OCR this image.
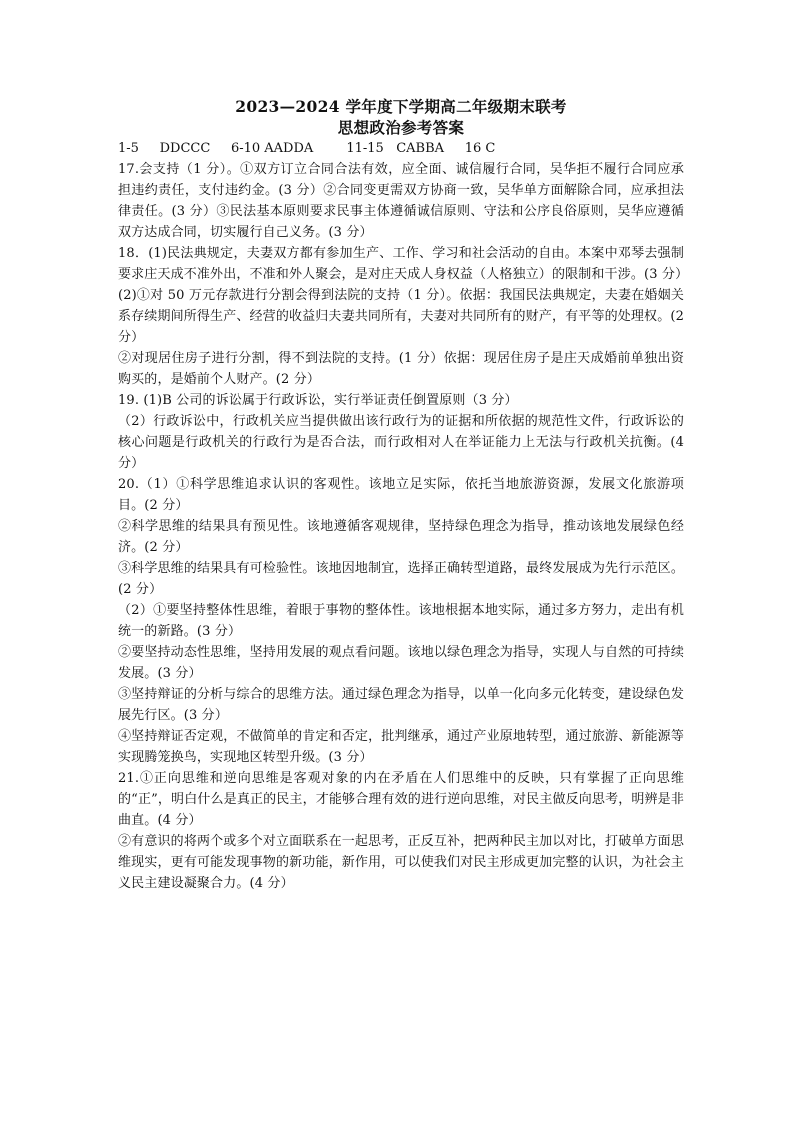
2023—2024 学年度下学期高二年级期末联考

思想政治参考答案

1-5     DDCCC     6-10 AADDA        11-15   CABBA     16 C

17.会支持（1 分）。①双方订立合同合法有效，应全面、诚信履行合同，吴华拒不履行合同应承担违约责任，支付违约金。(3 分）②合同变更需双方协商一致，吴华单方面解除合同，应承担法律责任。(3 分）③民法基本原则要求民事主体遵循诚信原则、守法和公序良俗原则，吴华应遵循双方达成合同，切实履行自己义务。(3 分）

18．(1)民法典规定，夫妻双方都有参加生产、工作、学习和社会活动的自由。本案中邓琴去强制要求庄天成不准外出，不准和外人聚会，是对庄天成人身权益（人格独立）的限制和干涉。(3 分）

(2)①对 50 万元存款进行分割会得到法院的支持（1 分）。依据：我国民法典规定，夫妻在婚姻关系存续期间所得生产、经营的收益归夫妻共同所有，夫妻对共同所有的财产，有平等的处理权。(2 分）

②对现居住房子进行分割，得不到法院的支持。(1 分）依据：现居住房子是庄天成婚前单独出资购买的，是婚前个人财产。(2 分）

19. (1)B 公司的诉讼属于行政诉讼，实行举证责任倒置原则（3 分）

（2）行政诉讼中，行政机关应当提供做出该行政行为的证据和所依据的规范性文件，行政诉讼的核心问题是行政机关的行政行为是否合法，而行政相对人在举证能力上无法与行政机关抗衡。(4 分）

20.（1）①科学思维追求认识的客观性。该地立足实际，依托当地旅游资源，发展文化旅游项目。(2 分）

②科学思维的结果具有预见性。该地遵循客观规律，坚持绿色理念为指导，推动该地发展绿色经济。(2 分）

③科学思维的结果具有可检验性。该地因地制宜，选择正确转型道路，最终发展成为先行示范区。(2 分）

（2）①要坚持整体性思维，着眼于事物的整体性。该地根据本地实际，通过多方努力，走出有机统一的新路。(3 分）

②要坚持动态性思维，坚持用发展的观点看问题。该地以绿色理念为指导，实现人与自然的可持续发展。(3 分）

③坚持辩证的分析与综合的思维方法。通过绿色理念为指导，以单一化向多元化转变，建设绿色发展先行区。(3 分）

④坚持辩证否定观，不做简单的肯定和否定，批判继承，通过产业原地转型，通过旅游、新能源等实现腾笼换鸟，实现地区转型升级。(3 分）

21.①正向思维和逆向思维是客观对象的内在矛盾在人们思维中的反映，只有掌握了正向思维的“正”，明白什么是真正的民主，才能够合理有效的进行逆向思维，对民主做反向思考，明辨是非曲直。(4 分）

②有意识的将两个或多个对立面联系在一起思考，正反互补，把两种民主加以对比，打破单方面思维现实，更有可能发现事物的新功能，新作用，可以使我们对民主形成更加完整的认识，为社会主义民主建设凝聚合力。(4 分）
